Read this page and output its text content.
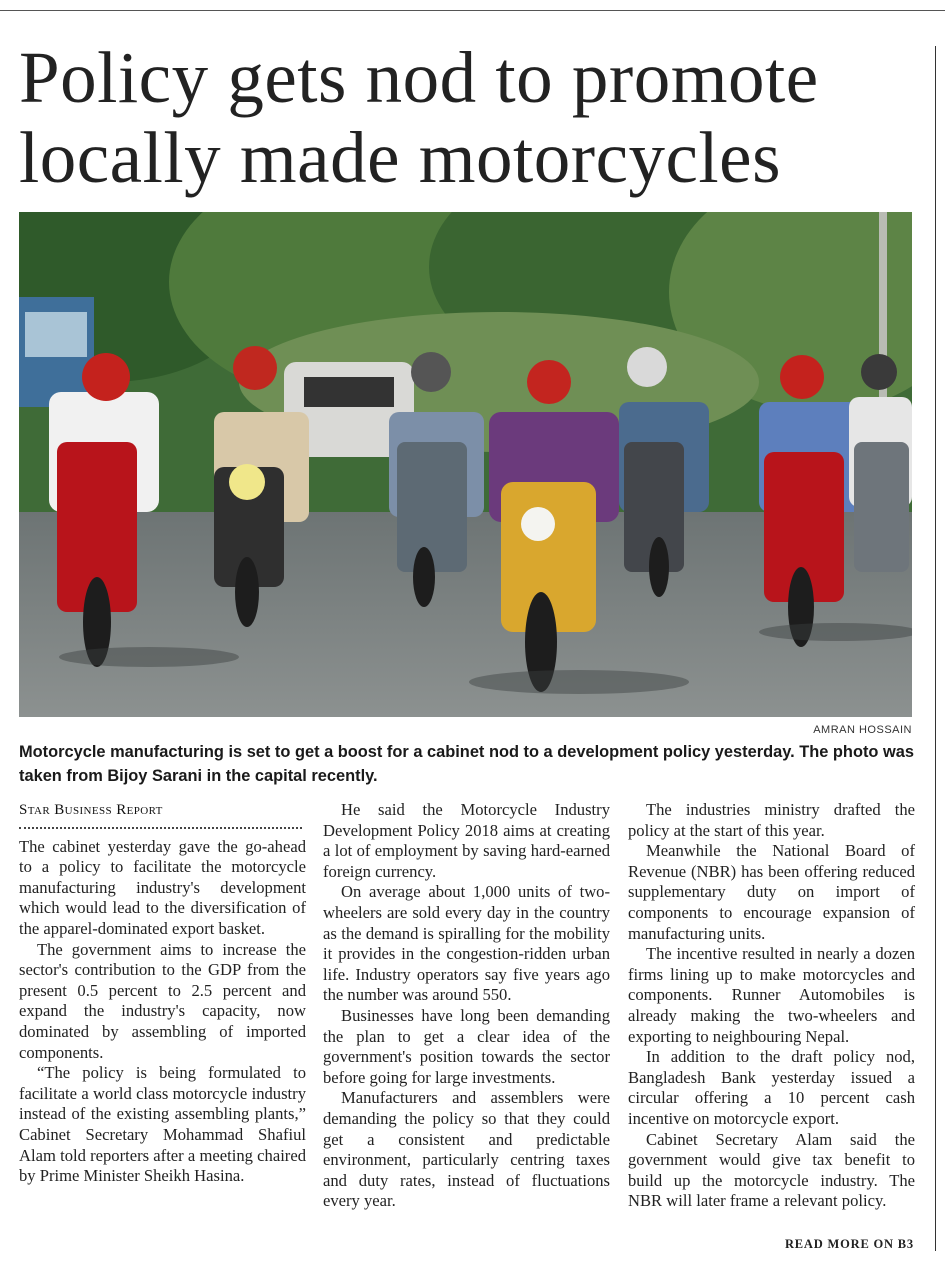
Policy gets nod to promote locally made motorcycles
AMRAN HOSSAIN

Motorcycle manufacturing is set to get a boost for a cabinet nod to a development policy yesterday. The photo was taken from Bijoy Sarani in the capital recently.

Star Business Report

The cabinet yesterday gave the go-ahead to a policy to facilitate the motorcycle manufacturing industry's development which would lead to the diversification of the apparel-dominated export basket.

The government aims to increase the sector's contribution to the GDP from the present 0.5 percent to 2.5 percent and expand the industry's capacity, now dominated by assembling of imported components.

“The policy is being formulated to facilitate a world class motorcycle industry instead of the existing assembling plants,” Cabinet Secretary Mohammad Shafiul Alam told reporters after a meeting chaired by Prime Minister Sheikh Hasina.

He said the Motorcycle Industry Development Policy 2018 aims at creating a lot of employment by saving hard-earned foreign currency.

On average about 1,000 units of two-wheelers are sold every day in the country as the demand is spiralling for the mobility it provides in the congestion-ridden urban life. Industry operators say five years ago the number was around 550.

Businesses have long been demanding the plan to get a clear idea of the government's position towards the sector before going for large investments.

Manufacturers and assemblers were demanding the policy so that they could get a consistent and predictable environment, particularly centring taxes and duty rates, instead of fluctuations every year.

The industries ministry drafted the policy at the start of this year.

Meanwhile the National Board of Revenue (NBR) has been offering reduced supplementary duty on import of components to encourage expansion of manufacturing units.

The incentive resulted in nearly a dozen firms lining up to make motorcycles and components. Runner Automobiles is already making the two-wheelers and exporting to neighbouring Nepal.

In addition to the draft policy nod, Bangladesh Bank yesterday issued a circular offering a 10 percent cash incentive on motorcycle export.

Cabinet Secretary Alam said the government would give tax benefit to build up the motorcycle industry. The NBR will later frame a relevant policy.

READ MORE ON B3
